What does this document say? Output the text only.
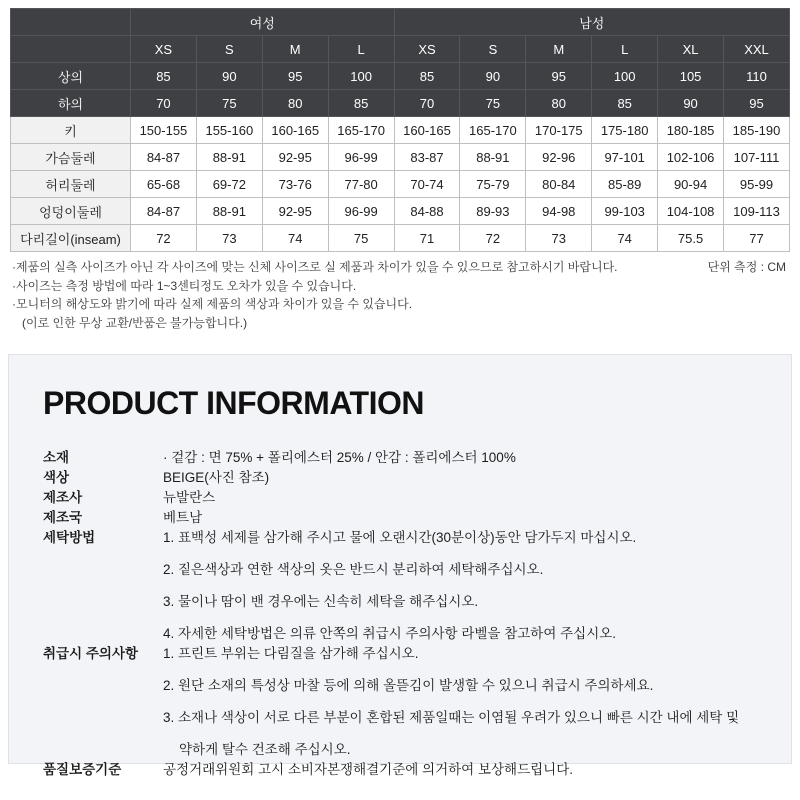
	여성				남성					
	XS	S	M	L	XS	S	M	L	XL	XXL
상의	85	90	95	100	85	90	95	100	105	110
하의	70	75	80	85	70	75	80	85	90	95
키	150-155	155-160	160-165	165-170	160-165	165-170	170-175	175-180	180-185	185-190
가슴둘레	84-87	88-91	92-95	96-99	83-87	88-91	92-96	97-101	102-106	107-111
허리둘레	65-68	69-72	73-76	77-80	70-74	75-79	80-84	85-89	90-94	95-99
엉덩이둘레	84-87	88-91	92-95	96-99	84-88	89-93	94-98	99-103	104-108	109-113
다리길이(inseam)	72	73	74	75	71	72	73	74	75.5	77
·제품의 실측 사이즈가 아닌 각 사이즈에 맞는 신체 사이즈로 실 제품과 차이가 있을 수 있으므로 참고하시기 바랍니다.
·사이즈는 측정 방법에 따라 1~3센티정도 오차가 있을 수 있습니다.
·모니터의 해상도와 밝기에 따라 실제 제품의 색상과 차이가 있을 수 있습니다.
(이로 인한 무상 교환/반품은 불가능합니다.)
단위 측정 : CM
PRODUCT INFORMATION
소재	· 겉감 : 면 75% + 폴리에스터 25% / 안감 : 폴리에스터 100%

색상	BEIGE(사진 참조)

제조사	뉴발란스

제조국	베트남

세탁방법	1. 표백성 세제를 삼가해 주시고 물에 오랜시간(30분이상)동안 담가두지 마십시오.
2. 짙은색상과 연한 색상의 옷은 반드시 분리하여 세탁해주십시오.
3. 물이나 땀이 밴 경우에는 신속히 세탁을 해주십시오.
4. 자세한 세탁방법은 의류 안쪽의 취급시 주의사항 라벨을 참고하여 주십시오.

취급시 주의사항	1. 프린트 부위는 다림질을 삼가해 주십시오.
2. 원단 소재의 특성상 마찰 등에 의해 올뜯김이 발생할 수 있으니 취급시 주의하세요.
3. 소재나 색상이 서로 다른 부분이 혼합된 제품일때는 이염될 우려가 있으니 빠른 시간 내에 세탁 및
약하게 탈수 건조해 주십시오.

품질보증기준	공정거래위원회 고시 소비자본쟁해결기준에 의거하여 보상해드립니다.
